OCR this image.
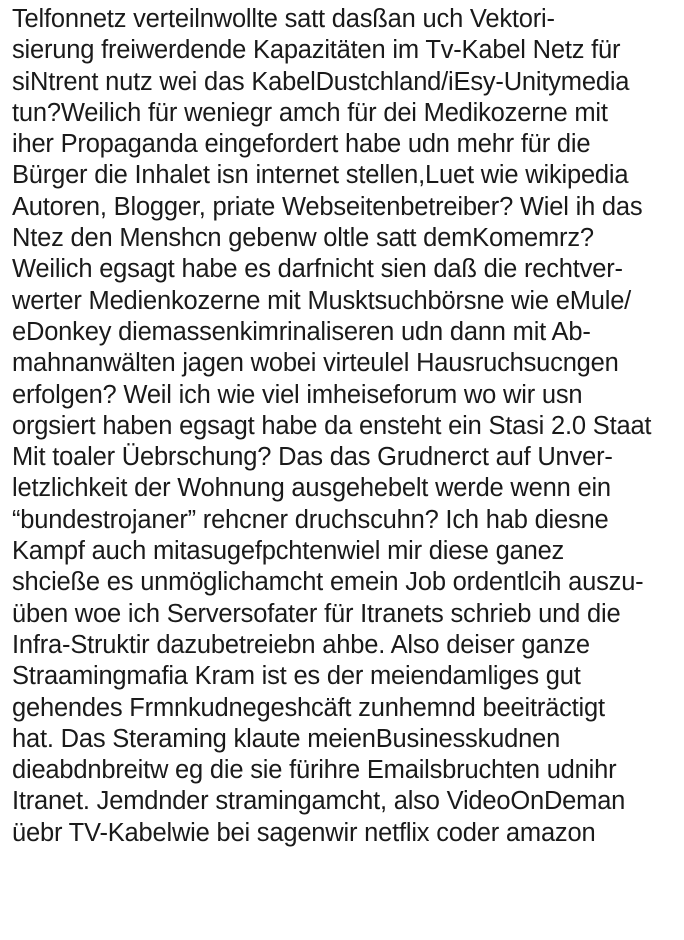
Telfonnetz verteilnwollte satt dasßan uch Vektori-
sierung freiwerdende Kapazitäten im Tv-Kabel Netz für
siNtrent nutz wei das KabelDustchland/iEsy-Unitymedia
tun?Weilich für weniegr amch für dei Medikozerne mit
iher Propaganda eingefordert habe udn mehr für die
Bürger die Inhalet isn internet stellen,Luet wie wikipedia
Autoren, Blogger, priate Webseitenbetreiber? Wiel ih das
Ntez den Menshcn gebenw oltle satt demKomemrz?
Weilich egsagt habe es darfnicht sien daß die rechtver-
werter Medienkozerne mit Musktsuchbörsne wie eMule/
eDonkey diemassenkimrinaliseren udn dann mit Ab-
mahnanwälten jagen wobei virteulel Hausruchsucngen
erfolgen? Weil ich wie viel imheiseforum wo wir usn
orgsiert haben egsagt habe da ensteht ein Stasi 2.0 Staat
Mit toaler Üebrschung? Das das Grudnerct auf Unver-
letzlichkeit der Wohnung ausgehebelt werde wenn ein
“bundestrojaner” rehcner druchscuhn? Ich hab diesne
Kampf auch mitasugefpchtenwiel mir diese ganez
shcieße es unmöglichamcht emein Job ordentlcih auszu-
üben woe ich Serversofater für Itranets schrieb und die
Infra-Struktir dazubetreiebn ahbe. Also deiser ganze
Straamingmafia Kram ist es der meiendamliges gut
gehendes Frmnkudnegeshcäft zunhemnd beeiträctigt
hat. Das Steraming klaute meienBusinesskudnen
dieabdnbreitw eg die sie fürihre Emailsbruchten udnihr
Itranet. Jemdnder stramingamcht, also VideoOnDeman
üebr TV-Kabelwie bei sagenwir netflix coder amazon
